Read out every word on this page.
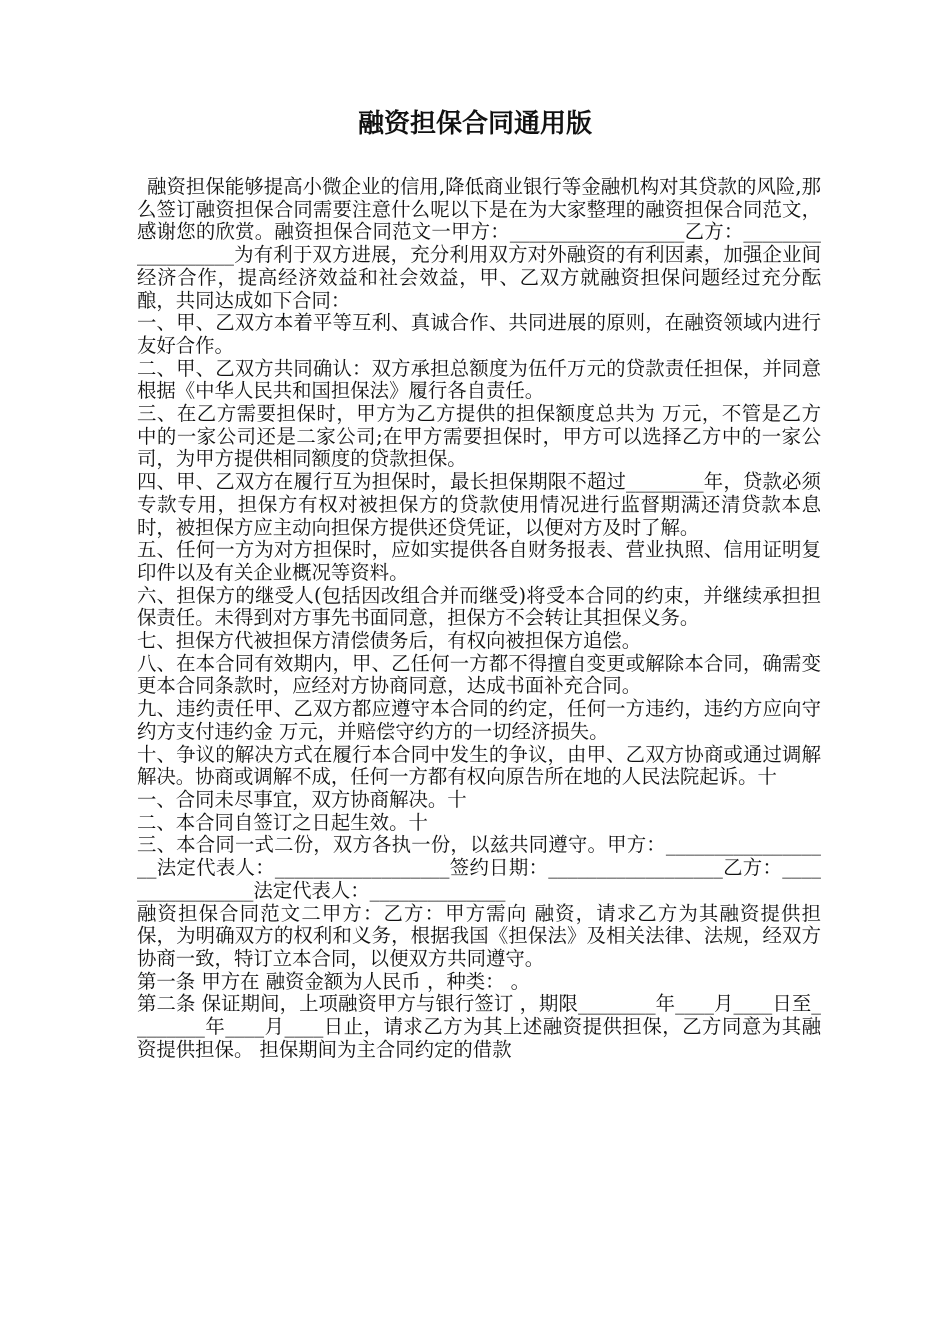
融资担保合同通用版

融资担保能够提高小微企业的信用,降低商业银行等金融机构对其贷款的风险,那么签订融资担保合同需要注意什么呢以下是在为大家整理的融资担保合同范文，感谢您的欣赏。融资担保合同范文一甲方：__________________乙方：__________________为有利于双方进展，充分利用双方对外融资的有利因素，加强企业间经济合作，提高经济效益和社会效益，甲、乙双方就融资担保问题经过充分酝酿，共同达成如下合同：

一、甲、乙双方本着平等互利、真诚合作、共同进展的原则，在融资领域内进行友好合作。

二、甲、乙双方共同确认：双方承担总额度为伍仟万元的贷款责任担保，并同意根据《中华人民共和国担保法》履行各自责任。

三、在乙方需要担保时，甲方为乙方提供的担保额度总共为 万元，不管是乙方中的一家公司还是二家公司;在甲方需要担保时，甲方可以选择乙方中的一家公司，为甲方提供相同额度的贷款担保。

四、甲、乙双方在履行互为担保时，最长担保期限不超过________年，贷款必须专款专用，担保方有权对被担保方的贷款使用情况进行监督期满还清贷款本息时，被担保方应主动向担保方提供还贷凭证，以便对方及时了解。

五、任何一方为对方担保时，应如实提供各自财务报表、营业执照、信用证明复印件以及有关企业概况等资料。

六、担保方的继受人(包括因改组合并而继受)将受本合同的约束，并继续承担担保责任。未得到对方事先书面同意，担保方不会转让其担保义务。

七、担保方代被担保方清偿债务后，有权向被担保方追偿。

八、在本合同有效期内，甲、乙任何一方都不得擅自变更或解除本合同，确需变更本合同条款时，应经对方协商同意，达成书面补充合同。

九、违约责任甲、乙双方都应遵守本合同的约定，任何一方违约，违约方应向守约方支付违约金 万元，并赔偿守约方的一切经济损失。

十、争议的解决方式在履行本合同中发生的争议，由甲、乙双方协商或通过调解解决。协商或调解不成，任何一方都有权向原告所在地的人民法院起诉。十

一、合同未尽事宜，双方协商解决。十

二、本合同自签订之日起生效。十

三、本合同一式二份，双方各执一份，以兹共同遵守。甲方：__________________法定代表人：__________________签约日期：__________________乙方：________________法定代表人：______________

融资担保合同范文二甲方：乙方：甲方需向 融资，请求乙方为其融资提供担保，为明确双方的权利和义务，根据我国《担保法》及相关法律、法规，经双方协商一致，特订立本合同，以便双方共同遵守。

第一条 甲方在 融资金额为人民币 ，种类： 。

第二条 保证期间，上项融资甲方与银行签订 ，期限________年____月____日至________年____月____日止，请求乙方为其上述融资提供担保，乙方同意为其融资提供担保。 担保期间为主合同约定的借款
